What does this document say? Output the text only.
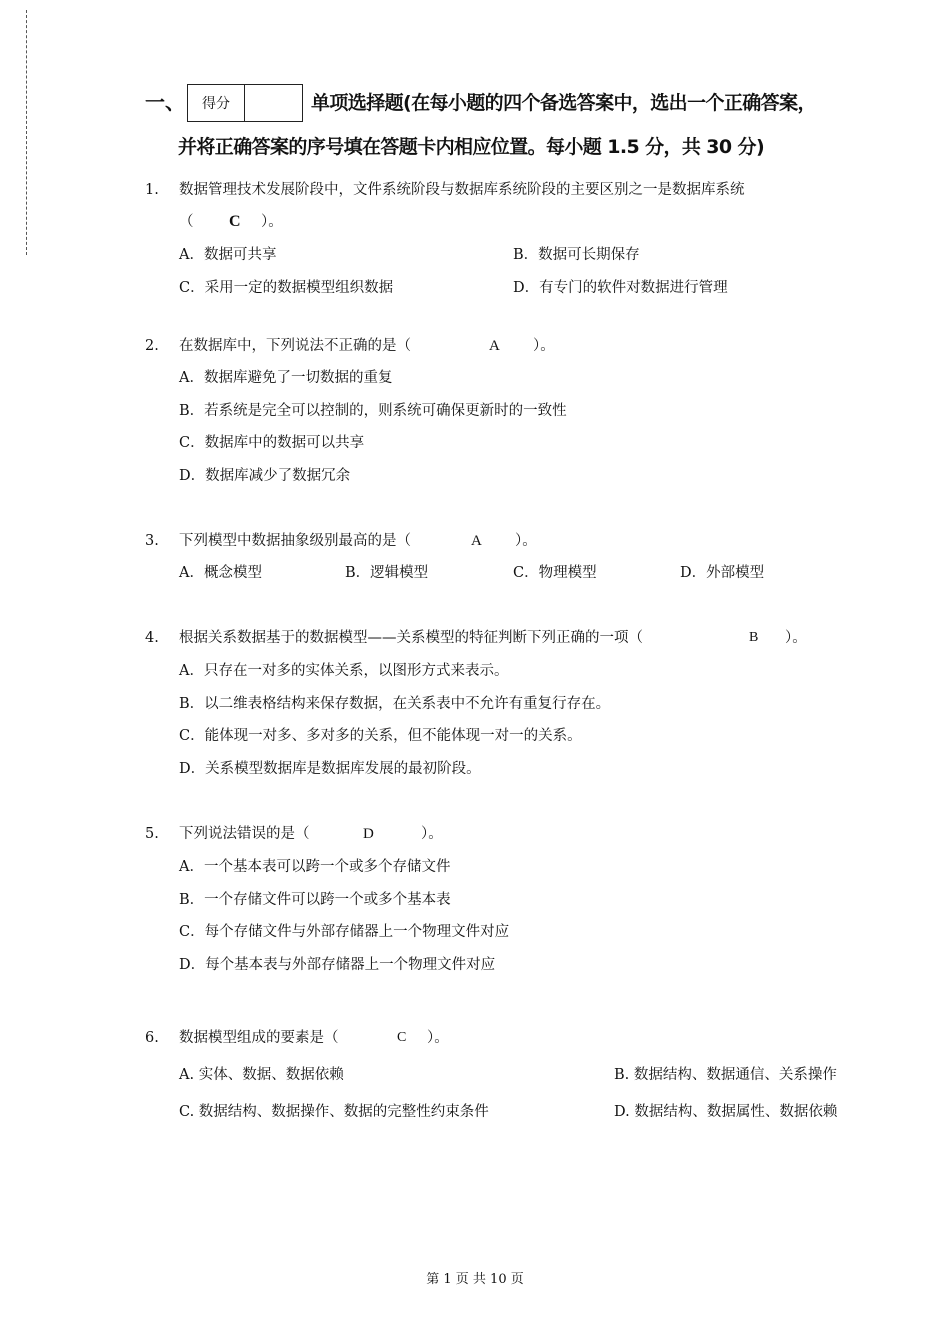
一、	得分	单项选择题(在每小题的四个备选答案中，选出一个正确答案，
并将正确答案的序号填在答题卡内相应位置。每小题 1.5 分，共 30 分)
1. 数据管理技术发展阶段中，文件系统阶段与数据库系统阶段的主要区别之一是数据库系统
（ C ）。
A．数据可共享	B．数据可长期保存
C．采用一定的数据模型组织数据	D．有专门的软件对数据进行管理
2. 在数据库中，下列说法不正确的是（	A ）。
A．数据库避免了一切数据的重复
B．若系统是完全可以控制的，则系统可确保更新时的一致性
C．数据库中的数据可以共享
D．数据库减少了数据冗余
3. 下列模型中数据抽象级别最高的是（	A ）。
A．概念模型	B．逻辑模型	C．物理模型	D．外部模型
4. 根据关系数据基于的数据模型——关系模型的特征判断下列正确的一项（	B ）。
A．只存在一对多的实体关系，以图形方式来表示。
B．以二维表格结构来保存数据，在关系表中不允许有重复行存在。
C．能体现一对多、多对多的关系，但不能体现一对一的关系。
D．关系模型数据库是数据库发展的最初阶段。
5. 下列说法错误的是（	D	）。
A．一个基本表可以跨一个或多个存储文件
B．一个存储文件可以跨一个或多个基本表
C．每个存储文件与外部存储器上一个物理文件对应
D．每个基本表与外部存储器上一个物理文件对应
6. 数据模型组成的要素是（	C ）。
A. 实体、数据、数据依赖	B. 数据结构、数据通信、关系操作
C. 数据结构、数据操作、数据的完整性约束条件	D. 数据结构、数据属性、数据依赖
第 1 页 共 10 页
